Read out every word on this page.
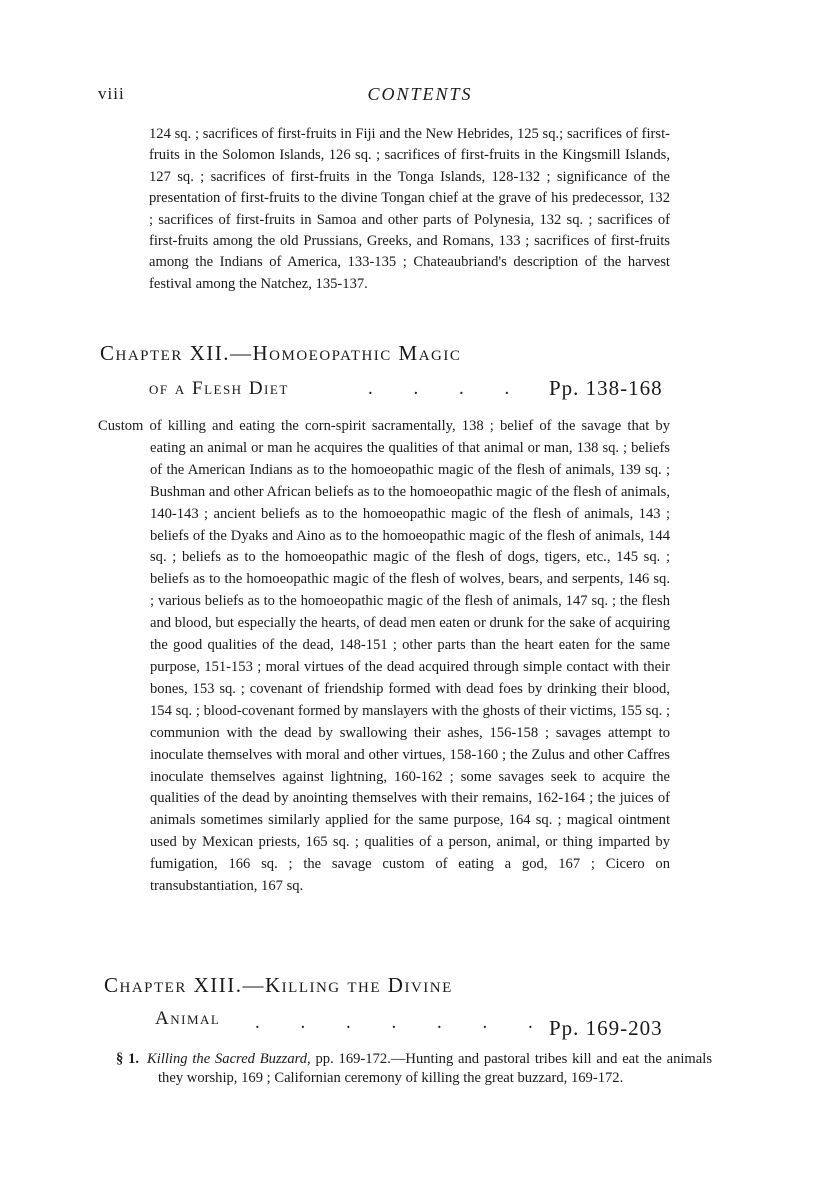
viii	CONTENTS

124 sq. ; sacrifices of first-fruits in Fiji and the New Hebrides, 125 sq.; sacrifices of first-fruits in the Solomon Islands, 126 sq. ; sacrifices of first-fruits in the Kingsmill Islands, 127 sq. ; sacrifices of first-fruits in the Tonga Islands, 128-132 ; significance of the presentation of first-fruits to the divine Tongan chief at the grave of his predecessor, 132 ; sacrifices of first-fruits in Samoa and other parts of Polynesia, 132 sq. ; sacrifices of first-fruits among the old Prussians, Greeks, and Romans, 133 ; sacrifices of first-fruits among the Indians of America, 133-135 ; Chateaubriand's description of the harvest festival among the Natchez, 135-137.

Chapter XII.—Homoeopathic Magic
of a Flesh Diet	. . . . .
Pp. 138-168

Custom of killing and eating the corn-spirit sacramentally, 138 ; belief of the savage that by eating an animal or man he acquires the qualities of that animal or man, 138 sq. ; beliefs of the American Indians as to the homoeopathic magic of the flesh of animals, 139 sq. ; Bushman and other African beliefs as to the homoeopathic magic of the flesh of animals, 140-143 ; ancient beliefs as to the homoeopathic magic of the flesh of animals, 143 ; beliefs of the Dyaks and Aino as to the homoeopathic magic of the flesh of animals, 144 sq. ; beliefs as to the homoeopathic magic of the flesh of dogs, tigers, etc., 145 sq. ; beliefs as to the homoeopathic magic of the flesh of wolves, bears, and serpents, 146 sq. ; various beliefs as to the homoeopathic magic of the flesh of animals, 147 sq. ; the flesh and blood, but especially the hearts, of dead men eaten or drunk for the sake of acquiring the good qualities of the dead, 148-151 ; other parts than the heart eaten for the same purpose, 151-153 ; moral virtues of the dead acquired through simple contact with their bones, 153 sq. ; covenant of friendship formed with dead foes by drinking their blood, 154 sq. ; blood-covenant formed by manslayers with the ghosts of their victims, 155 sq. ; communion with the dead by swallowing their ashes, 156-158 ; savages attempt to inoculate themselves with moral and other virtues, 158-160 ; the Zulus and other Caffres inoculate themselves against lightning, 160-162 ; some savages seek to acquire the qualities of the dead by anointing themselves with their remains, 162-164 ; the juices of animals sometimes similarly applied for the same purpose, 164 sq. ; magical ointment used by Mexican priests, 165 sq. ; qualities of a person, animal, or thing imparted by fumigation, 166 sq. ; the savage custom of eating a god, 167 ; Cicero on transubstantiation, 167 sq.

Chapter XIII.—Killing the Divine
Animal . . . . . . .
Pp. 169-203

§ 1. Killing the Sacred Buzzard, pp. 169-172.—Hunting and pastoral tribes kill and eat the animals they worship, 169 ; Californian ceremony of killing the great buzzard, 169-172.
